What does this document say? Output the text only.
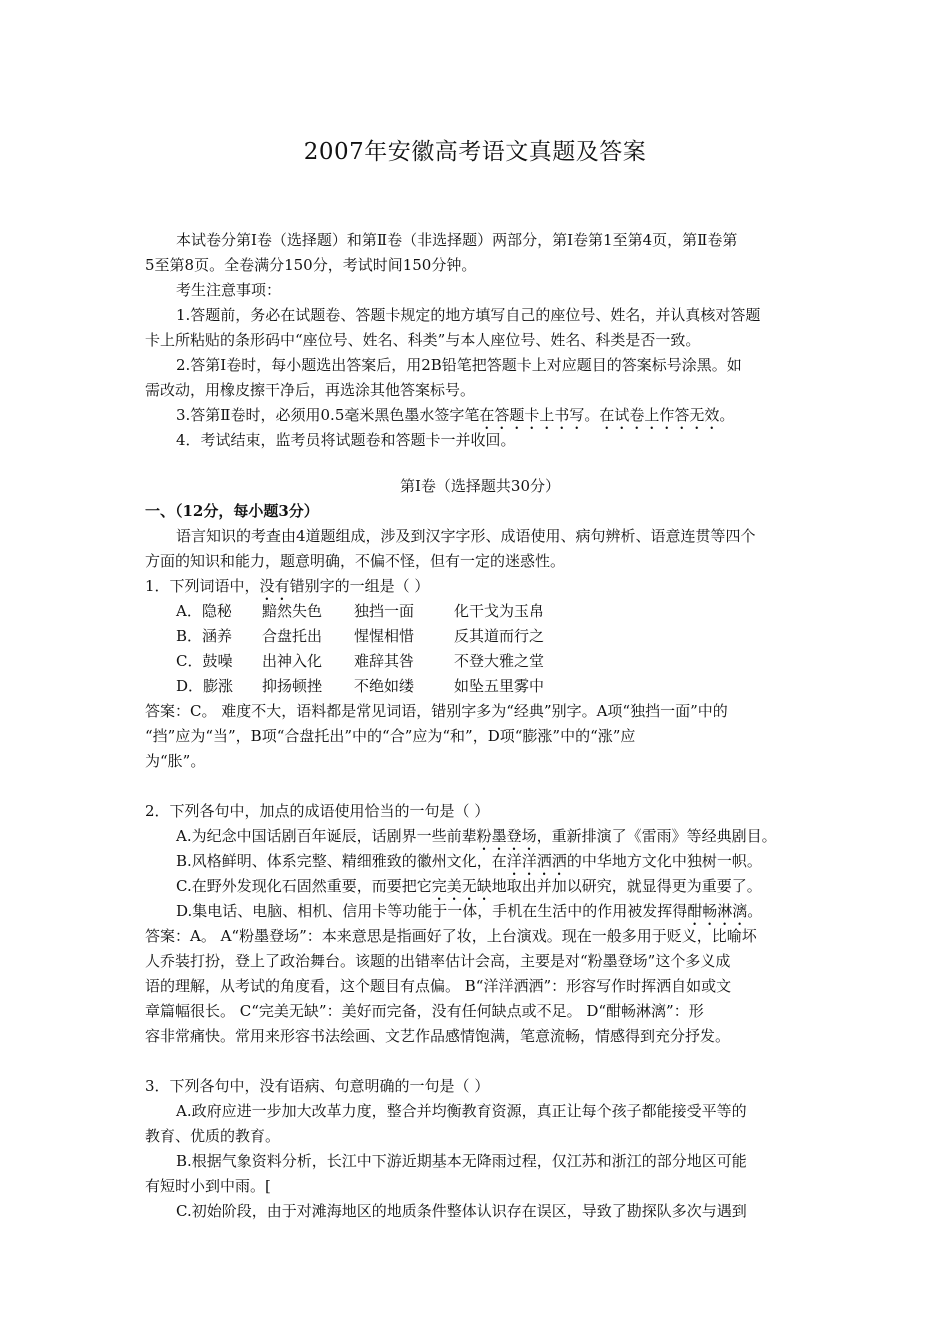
2007年安徽高考语文真题及答案
本试卷分第Ⅰ卷（选择题）和第Ⅱ卷（非选择题）两部分，第Ⅰ卷第1至第4页，第Ⅱ卷第
5至第8页。全卷满分150分，考试时间150分钟。
考生注意事项：
1.答题前，务必在试题卷、答题卡规定的地方填写自己的座位号、姓名，并认真核对答题
卡上所粘贴的条形码中“座位号、姓名、科类”与本人座位号、姓名、科类是否一致。
2.答第Ⅰ卷时，每小题选出答案后，用2B铅笔把答题卡上对应题目的答案标号涂黑。如
需改动，用橡皮擦干净后，再选涂其他答案标号。
3.答第Ⅱ卷时，必须用0.5毫米黑色墨水签字笔在答题卡上书写。在试卷上作答无效。
4．考试结束，监考员将试题卷和答题卡一并收回。
第Ⅰ卷（选择题共30分）
一、（12分，每小题3分）
语言知识的考查由4道题组成，涉及到汉字字形、成语使用、病句辨析、语意连贯等四个
方面的知识和能力，题意明确，不偏不怪，但有一定的迷惑性。
1．下列词语中，没有错别字的一组是（ ）
A．隐秘 黯然失色 独挡一面	化干戈为玉帛
B．涵养 合盘托出 惺惺相惜	反其道而行之
C．鼓噪 出神入化 难辞其咎	不登大雅之堂
D．膨涨 抑扬顿挫 不绝如缕	如坠五里雾中
答案：C。 难度不大，语料都是常见词语，错别字多为“经典”别字。A项“独挡一面”中的
“挡”应为“当”，B项“合盘托出”中的“合”应为“和”，D项“膨涨”中的“涨”应
为“胀”。
2．下列各句中，加点的成语使用恰当的一句是（ ）
A.为纪念中国话剧百年诞辰，话剧界一些前辈粉墨登场，重新排演了《雷雨》等经典剧目。
B.风格鲜明、体系完整、精细雅致的徽州文化，在洋洋洒洒的中华地方文化中独树一帜。
C.在野外发现化石固然重要，而要把它完美无缺地取出并加以研究，就显得更为重要了。
D.集电话、电脑、相机、信用卡等功能于一体，手机在生活中的作用被发挥得酣畅淋漓。
答案：A。 A“粉墨登场”：本来意思是指画好了妆，上台演戏。现在一般多用于贬义，比喻坏
人乔装打扮，登上了政治舞台。该题的出错率估计会高，主要是对“粉墨登场”这个多义成
语的理解，从考试的角度看，这个题目有点偏。 B“洋洋洒洒”：形容写作时挥洒自如或文
章篇幅很长。 C“完美无缺”：美好而完备，没有任何缺点或不足。 D“酣畅淋漓”：形
容非常痛快。常用来形容书法绘画、文艺作品感情饱满，笔意流畅，情感得到充分抒发。
3．下列各句中，没有语病、句意明确的一句是（ ）
A.政府应进一步加大改革力度，整合并均衡教育资源，真正让每个孩子都能接受平等的
教育、优质的教育。
B.根据气象资料分析，长江中下游近期基本无降雨过程，仅江苏和浙江的部分地区可能
有短时小到中雨。[
C.初始阶段，由于对滩海地区的地质条件整体认识存在误区，导致了勘探队多次与遇到
